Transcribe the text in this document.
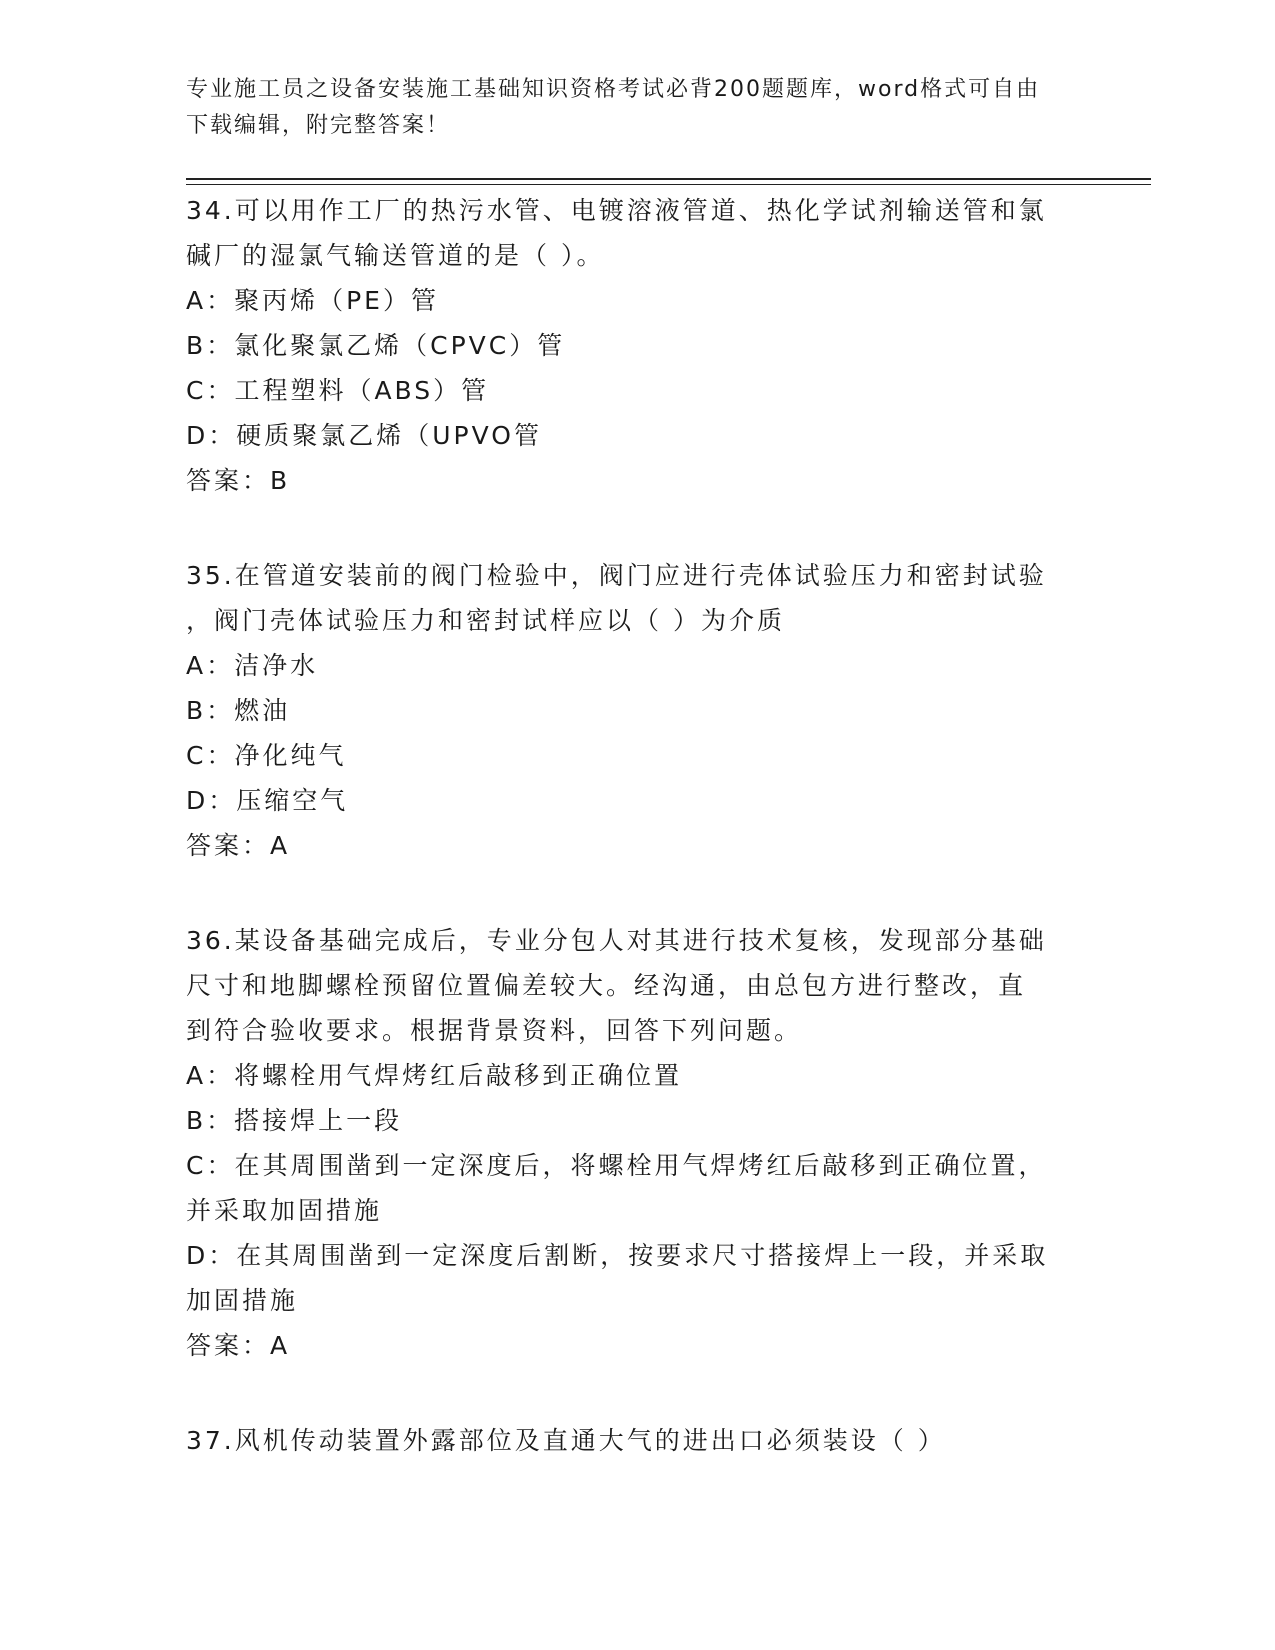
专业施工员之设备安装施工基础知识资格考试必背200题题库，word格式可自由
下载编辑，附完整答案！
34.可以用作工厂的热污水管、电镀溶液管道、热化学试剂输送管和氯
碱厂的湿氯气输送管道的是（ ）。
A：聚丙烯（PE）管
B：氯化聚氯乙烯（CPVC）管
C：工程塑料（ABS）管
D：硬质聚氯乙烯（UPVO管
答案：B
35.在管道安装前的阀门检验中，阀门应进行壳体试验压力和密封试验
，阀门壳体试验压力和密封试样应以（ ）为介质
A：洁净水
B：燃油
C：净化纯气
D：压缩空气
答案：A
36.某设备基础完成后，专业分包人对其进行技术复核，发现部分基础
尺寸和地脚螺栓预留位置偏差较大。经沟通，由总包方进行整改，直
到符合验收要求。根据背景资料，回答下列问题。
A：将螺栓用气焊烤红后敲移到正确位置
B：搭接焊上一段
C：在其周围凿到一定深度后，将螺栓用气焊烤红后敲移到正确位置，
并采取加固措施
D：在其周围凿到一定深度后割断，按要求尺寸搭接焊上一段，并采取
加固措施
答案：A
37.风机传动装置外露部位及直通大气的进出口必须装设（ ）
